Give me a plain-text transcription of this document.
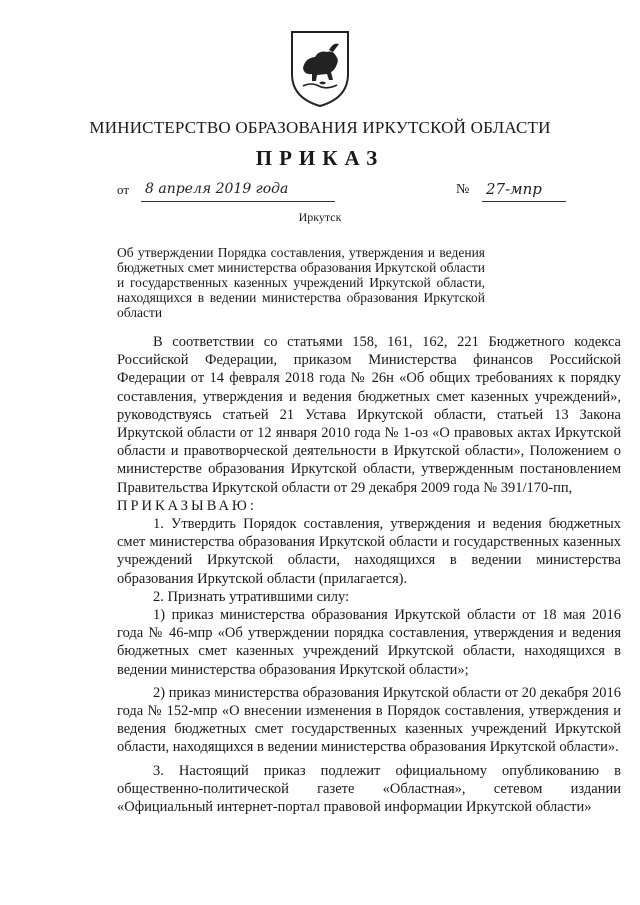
МИНИСТЕРСТВО ОБРАЗОВАНИЯ ИРКУТСКОЙ ОБЛАСТИ
ПРИКАЗ
от 8 апреля 2019 года	№ 27-мпр
Иркутск
Об утверждении Порядка составления, утверждения и ведения бюджетных смет министерства образования Иркутской области и государственных казенных учреждений Иркутской области, находящихся в ведении министерства образования Иркутской области

В соответствии со статьями 158, 161, 162, 221 Бюджетного кодекса Российской Федерации, приказом Министерства финансов Российской Федерации от 14 февраля 2018 года № 26н «Об общих требованиях к порядку составления, утверждения и ведения бюджетных смет казенных учреждений», руководствуясь статьей 21 Устава Иркутской области, статьей 13 Закона Иркутской области от 12 января 2010 года № 1-оз «О правовых актах Иркутской области и правотворческой деятельности в Иркутской области», Положением о министерстве образования Иркутской области, утвержденным постановлением Правительства Иркутской области от 29 декабря 2009 года № 391/170-пп,

ПРИКАЗЫВАЮ:

1. Утвердить Порядок составления, утверждения и ведения бюджетных смет министерства образования Иркутской области и государственных казенных учреждений Иркутской области, находящихся в ведении министерства образования Иркутской области (прилагается).

2. Признать утратившими силу:

1) приказ министерства образования Иркутской области от 18 мая 2016 года № 46-мпр «Об утверждении порядка составления, утверждения и ведения бюджетных смет казенных учреждений Иркутской области, находящихся в ведении министерства образования Иркутской области»;

2) приказ министерства образования Иркутской области от 20 декабря 2016 года № 152-мпр «О внесении изменения в Порядок составления, утверждения и ведения бюджетных смет государственных казенных учреждений Иркутской области, находящихся в ведении министерства образования Иркутской области».

3. Настоящий приказ подлежит официальному опубликованию в общественно-политической газете «Областная», сетевом издании «Официальный интернет-портал правовой информации Иркутской области»
